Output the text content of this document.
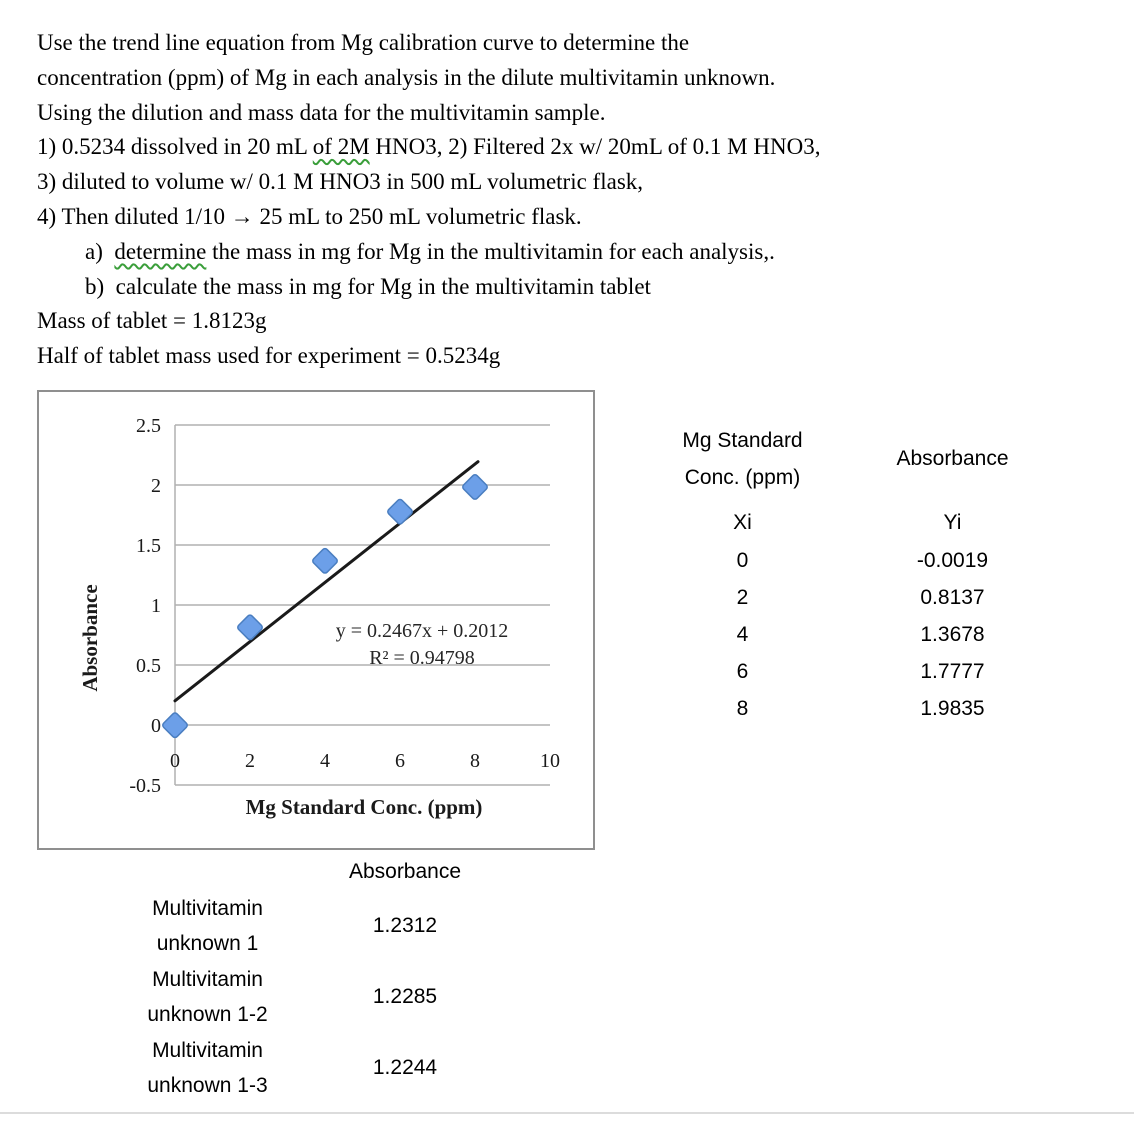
Use the trend line equation from Mg calibration curve to determine the
concentration (ppm) of Mg in each analysis in the dilute multivitamin unknown.
Using the dilution and mass data for the multivitamin sample.
1) 0.5234 dissolved in 20 mL of 2M HNO3, 2) Filtered 2x w/ 20mL of 0.1 M HNO3,
3) diluted to volume w/ 0.1 M HNO3 in 500 mL volumetric flask,
4) Then diluted 1/10 → 25 mL to 250 mL volumetric flask.
a)  determine the mass in mg for Mg in the multivitamin for each analysis,.
b)  calculate the mass in mg for Mg in the multivitamin tablet
Mass of tablet = 1.8123g
Half of tablet mass used for experiment = 0.5234g
2.5
2
1.5
1
0.5
0
-0.5
0	2	4	6	8	10
y = 0.2467x + 0.2012
R² = 0.94798
Mg Standard Conc. (ppm)
Absorbance
Mg Standard
Conc. (ppm)
Absorbance
Xi	Yi
0	-0.0019
2	0.8137
4	1.3678
6	1.7777
8	1.9835
Absorbance
Multivitamin
unknown 1
1.2312
Multivitamin
unknown 1-2
1.2285
Multivitamin
unknown 1-3
1.2244
